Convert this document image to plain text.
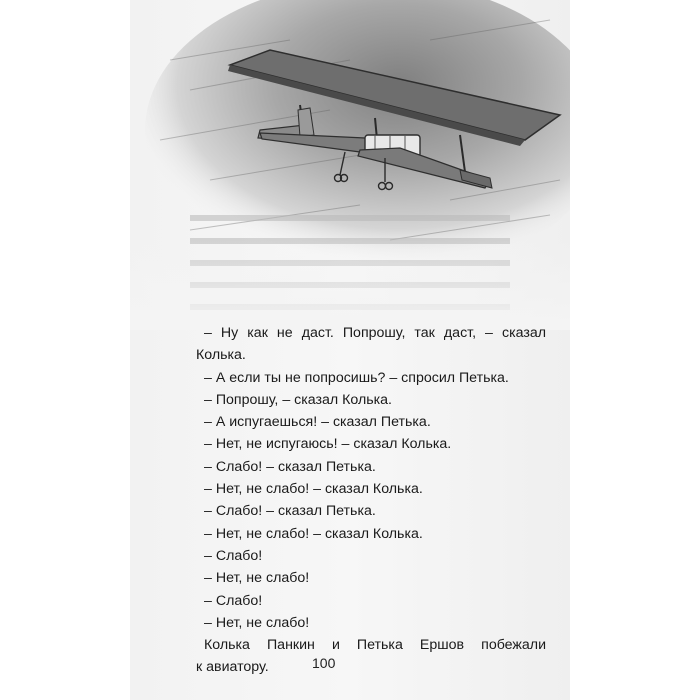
– Ну как не даст. Попрошу, так даст, – сказал
Колька.
– А если ты не попросишь? – спросил Петька.
– Попрошу, – сказал Колька.
– А испугаешься! – сказал Петька.
– Нет, не испугаюсь! – сказал Колька.
– Слабо! – сказал Петька.
– Нет, не слабо! – сказал Колька.
– Слабо! – сказал Петька.
– Нет, не слабо! – сказал Колька.
– Слабо!
– Нет, не слабо!
– Слабо!
– Нет, не слабо!
Колька Панкин и Петька Ершов побежали
к авиатору.	100
